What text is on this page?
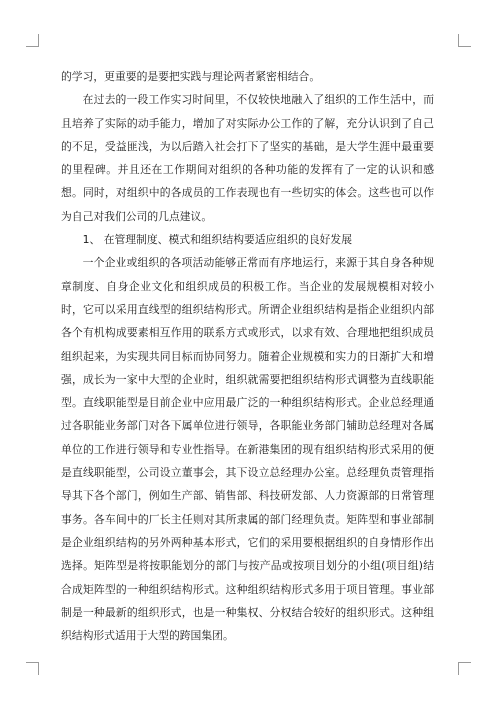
的学习，更重要的是要把实践与理论两者紧密相结合。

在过去的一段工作实习时间里，不仅较快地融入了组织的工作生活中，而且培养了实际的动手能力，增加了对实际办公工作的了解，充分认识到了自己的不足，受益匪浅，为以后踏入社会打下了坚实的基础，是大学生涯中最重要的里程碑。并且还在工作期间对组织的各种功能的发挥有了一定的认识和感想。同时，对组织中的各成员的工作表现也有一些切实的体会。这些也可以作为自己对我们公司的几点建议。

1、 在管理制度、模式和组织结构要适应组织的良好发展

一个企业或组织的各项活动能够正常而有序地运行，来源于其自身各种规章制度、自身企业文化和组织成员的积极工作。当企业的发展规模相对较小时，它可以采用直线型的组织结构形式。所谓企业组织结构是指企业组织内部各个有机构成要素相互作用的联系方式或形式，以求有效、合理地把组织成员组织起来，为实现共同目标而协同努力。随着企业规模和实力的日渐扩大和增强，成长为一家中大型的企业时，组织就需要把组织结构形式调整为直线职能型。直线职能型是目前企业中应用最广泛的一种组织结构形式。企业总经理通过各职能业务部门对各下属单位进行领导，各职能业务部门辅助总经理对各属单位的工作进行领导和专业性指导。在新港集团的现有组织结构形式采用的便是直线职能型，公司设立董事会，其下设立总经理办公室。总经理负责管理指导其下各个部门，例如生产部、销售部、科技研发部、人力资源部的日常管理事务。各车间中的厂长主任则对其所隶属的部门经理负责。矩阵型和事业部制是企业组织结构的另外两种基本形式，它们的采用要根据组织的自身情形作出选择。矩阵型是将按职能划分的部门与按产品或按项目划分的小组(项目组)结合成矩阵型的一种组织结构形式。这种组织结构形式多用于项目管理。事业部制是一种最新的组织形式，也是一种集权、分权结合较好的组织形式。这种组织结构形式适用于大型的跨国集团。
